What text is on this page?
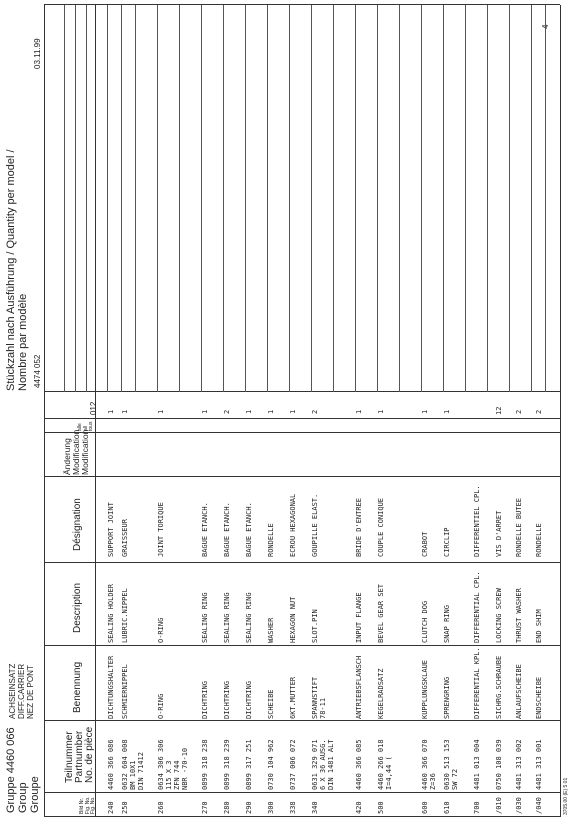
Gruppe 4460 066 Group Groupe
ACHSEINSATZ DIFF.CARRIER NEZ DE PONT
Stückzahl nach Ausführung / Quantity per model / Nombre par modèle 4474 052
03.11.99
4
3705.00 (E) 5 01
Bild Nr. Fig. No. Fig. No.
Teilnummer Partnumber No. de pièce
Benennung
Description
Désignation
Änderung Modification Modification
alle all tous
012
240
4460 366 086
DICHTUNGSHALTER
SEALING HOLDER
SUPPORT JOINT
1
250
0632 604 008 BM 10X1 DIN 71412
SCHMIERNIPPEL
LUBRIC.NIPPEL
GRAISSEUR
1
260
0634 306 306 115 X 3 ZFN 744 NBR -70-10
O-RING
O-RING
JOINT TORIQUE
1
270
0899 318 238
DICHTRING
SEALING RING
BAGUE ETANCH.
1
280
0899 318 239
DICHTRING
SEALING RING
BAGUE ETANCH.
2
290
0899 317 251
DICHTRING
SEALING RING
BAGUE ETANCH.
1
300
0730 104 962
SCHEIBE
WASHER
RONDELLE
1
338
0737 006 072
6KT.MUTTER
HEXAGON NUT
ECROU HEXAGONAL
1
340
0631 329 071 6 X 36 AUSG. DIN 1481 ALT
SPANNSTIFT 78-11
SLOT.PIN
GOUPILLE ELAST.
2
420
4460 366 085
ANTRIEBSFLANSCH
INPUT FLANGE
BRIDE D'ENTREE
1
500
4460 266 018 I=4,44 (
KEGELRADSATZ
BEVEL GEAR SET
COUPLE CONIQUE
1
600
4460 366 070 Z=36
KUPPLUNGSKLAUE
CLUTCH DOG
CRABOT
1
610
0630 513 153 SW 72
SPRENGRING
SNAP RING
CIRCLIP
1
700
4481 013 004
DIFFERENTIAL KPL.
DIFFERENTIAL CPL.
DIFFERENTIEL CPL.
/010
0750 108 039
SICHRG.SCHRAUBE
LOCKING SCREW
VIS D'ARRET
12
/030
4481 313 002
ANLAUFSCHEIBE
THRUST WASHER
RONDELLE BUTEE
2
/040
4481 313 001
ENDSCHEIBE
END SHIM
RONDELLE
2
